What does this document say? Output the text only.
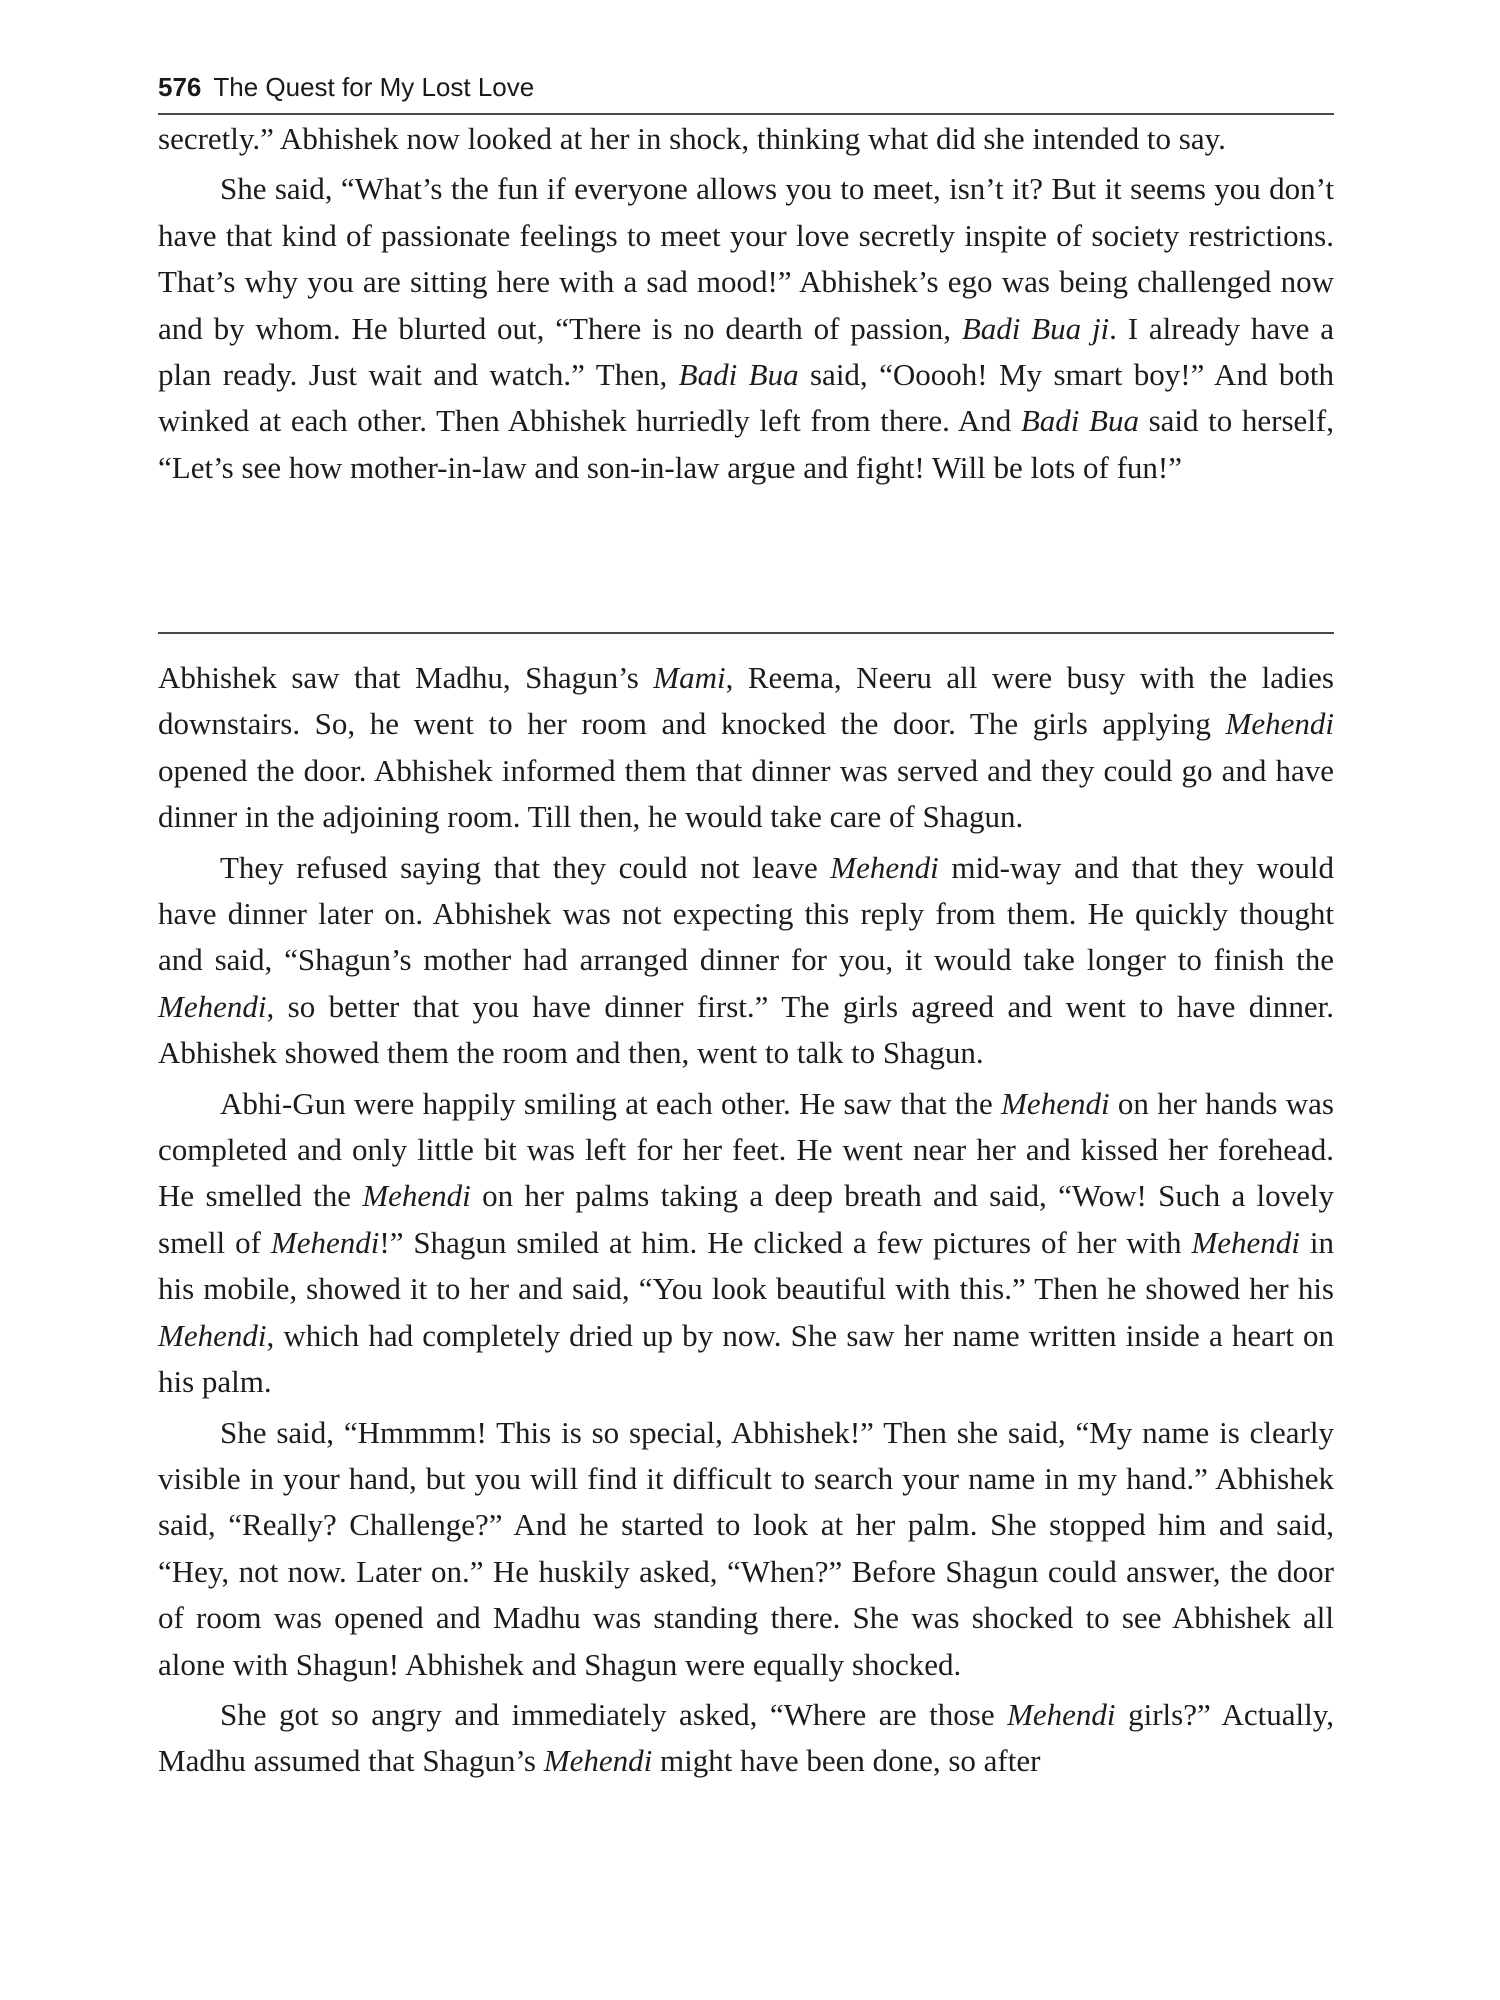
576 The Quest for My Lost Love

secretly.” Abhishek now looked at her in shock, thinking what did she intended to say.

She said, “What’s the fun if everyone allows you to meet, isn’t it? But it seems you don’t have that kind of passionate feelings to meet your love secretly inspite of society restrictions. That’s why you are sitting here with a sad mood!” Abhishek’s ego was being challenged now and by whom. He blurted out, “There is no dearth of passion, Badi Bua ji. I already have a plan ready. Just wait and watch.” Then, Badi Bua said, “Ooooh! My smart boy!” And both winked at each other. Then Abhishek hurriedly left from there. And Badi Bua said to herself, “Let’s see how mother-in-law and son-in-law argue and fight! Will be lots of fun!”

Abhishek saw that Madhu, Shagun’s Mami, Reema, Neeru all were busy with the ladies downstairs. So, he went to her room and knocked the door. The girls applying Mehendi opened the door. Abhishek informed them that dinner was served and they could go and have dinner in the adjoining room. Till then, he would take care of Shagun.

They refused saying that they could not leave Mehendi mid-way and that they would have dinner later on. Abhishek was not expecting this reply from them. He quickly thought and said, “Shagun’s mother had arranged dinner for you, it would take longer to finish the Mehendi, so better that you have dinner first.” The girls agreed and went to have dinner. Abhishek showed them the room and then, went to talk to Shagun.

Abhi-Gun were happily smiling at each other. He saw that the Mehendi on her hands was completed and only little bit was left for her feet. He went near her and kissed her forehead. He smelled the Mehendi on her palms taking a deep breath and said, “Wow! Such a lovely smell of Mehendi!” Shagun smiled at him. He clicked a few pictures of her with Mehendi in his mobile, showed it to her and said, “You look beautiful with this.” Then he showed her his Mehendi, which had completely dried up by now. She saw her name written inside a heart on his palm.

She said, “Hmmmm! This is so special, Abhishek!” Then she said, “My name is clearly visible in your hand, but you will find it difficult to search your name in my hand.” Abhishek said, “Really? Challenge?” And he started to look at her palm. She stopped him and said, “Hey, not now. Later on.” He huskily asked, “When?” Before Shagun could answer, the door of room was opened and Madhu was standing there. She was shocked to see Abhishek all alone with Shagun! Abhishek and Shagun were equally shocked.

She got so angry and immediately asked, “Where are those Mehendi girls?” Actually, Madhu assumed that Shagun’s Mehendi might have been done, so after
